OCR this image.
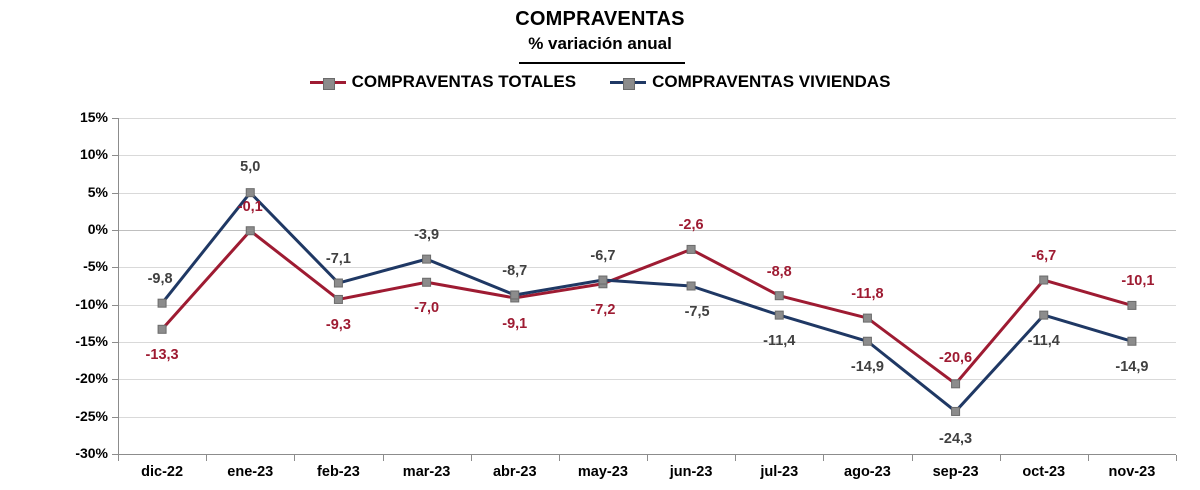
COMPRAVENTAS
% variación anual
COMPRAVENTAS TOTALES	COMPRAVENTAS VIVIENDAS
15%
10%
5%
0%
-5%
-10%
-15%
-20%
-25%
-30%
dic-22	ene-23	feb-23	mar-23	abr-23	may-23	jun-23	jul-23	ago-23	sep-23	oct-23	nov-23
-13,3
-0,1
-9,3
-7,0
-9,1
-7,2
-2,6
-8,8
-11,8
-20,6
-6,7
-10,1
-9,8
5,0
-7,1
-3,9
-8,7
-6,7
-7,5
-11,4
-14,9
-24,3
-11,4
-14,9
